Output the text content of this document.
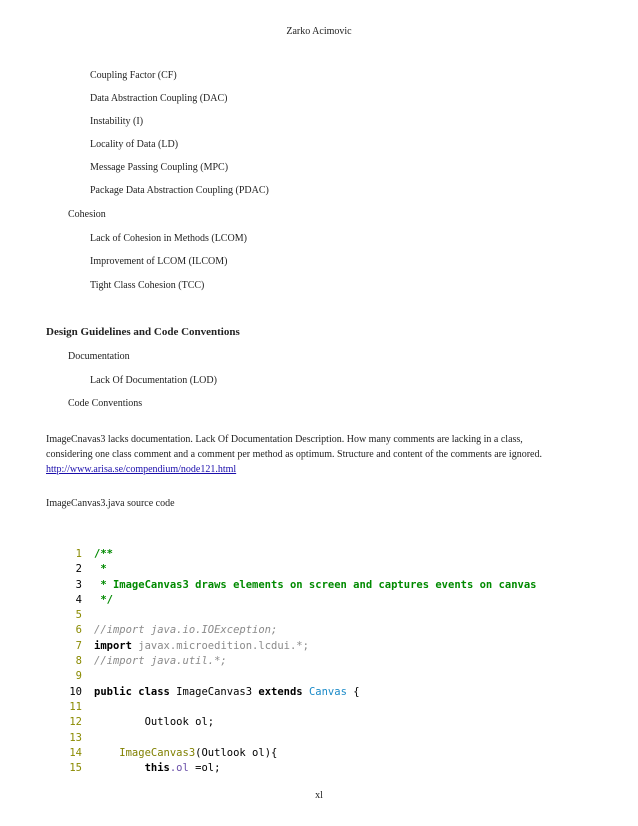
Zarko Acimovic
Coupling Factor (CF)
Data Abstraction Coupling (DAC)
Instability (I)
Locality of Data (LD)
Message Passing Coupling (MPC)
Package Data Abstraction Coupling (PDAC)
Cohesion
Lack of Cohesion in Methods (LCOM)
Improvement of LCOM (ILCOM)
Tight Class Cohesion (TCC)
Design Guidelines and Code Conventions
Documentation
Lack Of Documentation (LOD)
Code Conventions
ImageCnavas3 lacks documentation. Lack Of Documentation Description. How many comments are lacking in a class, considering one class comment and a comment per method as optimum. Structure and content of the comments are ignored. http://www.arisa.se/compendium/node121.html
ImageCanvas3.java source code
1	/**
2	*
3	* ImageCanvas3 draws elements on screen and captures events on canvas
4	*/
5
6	//import java.io.IOException;
7	import javax.microedition.lcdui.*;
8	//import java.util.*;
9
10	public class ImageCanvas3 extends Canvas {
11
12	Outlook ol;
13
14	ImageCanvas3 (Outlook ol){
15	this .ol =ol;
xl
